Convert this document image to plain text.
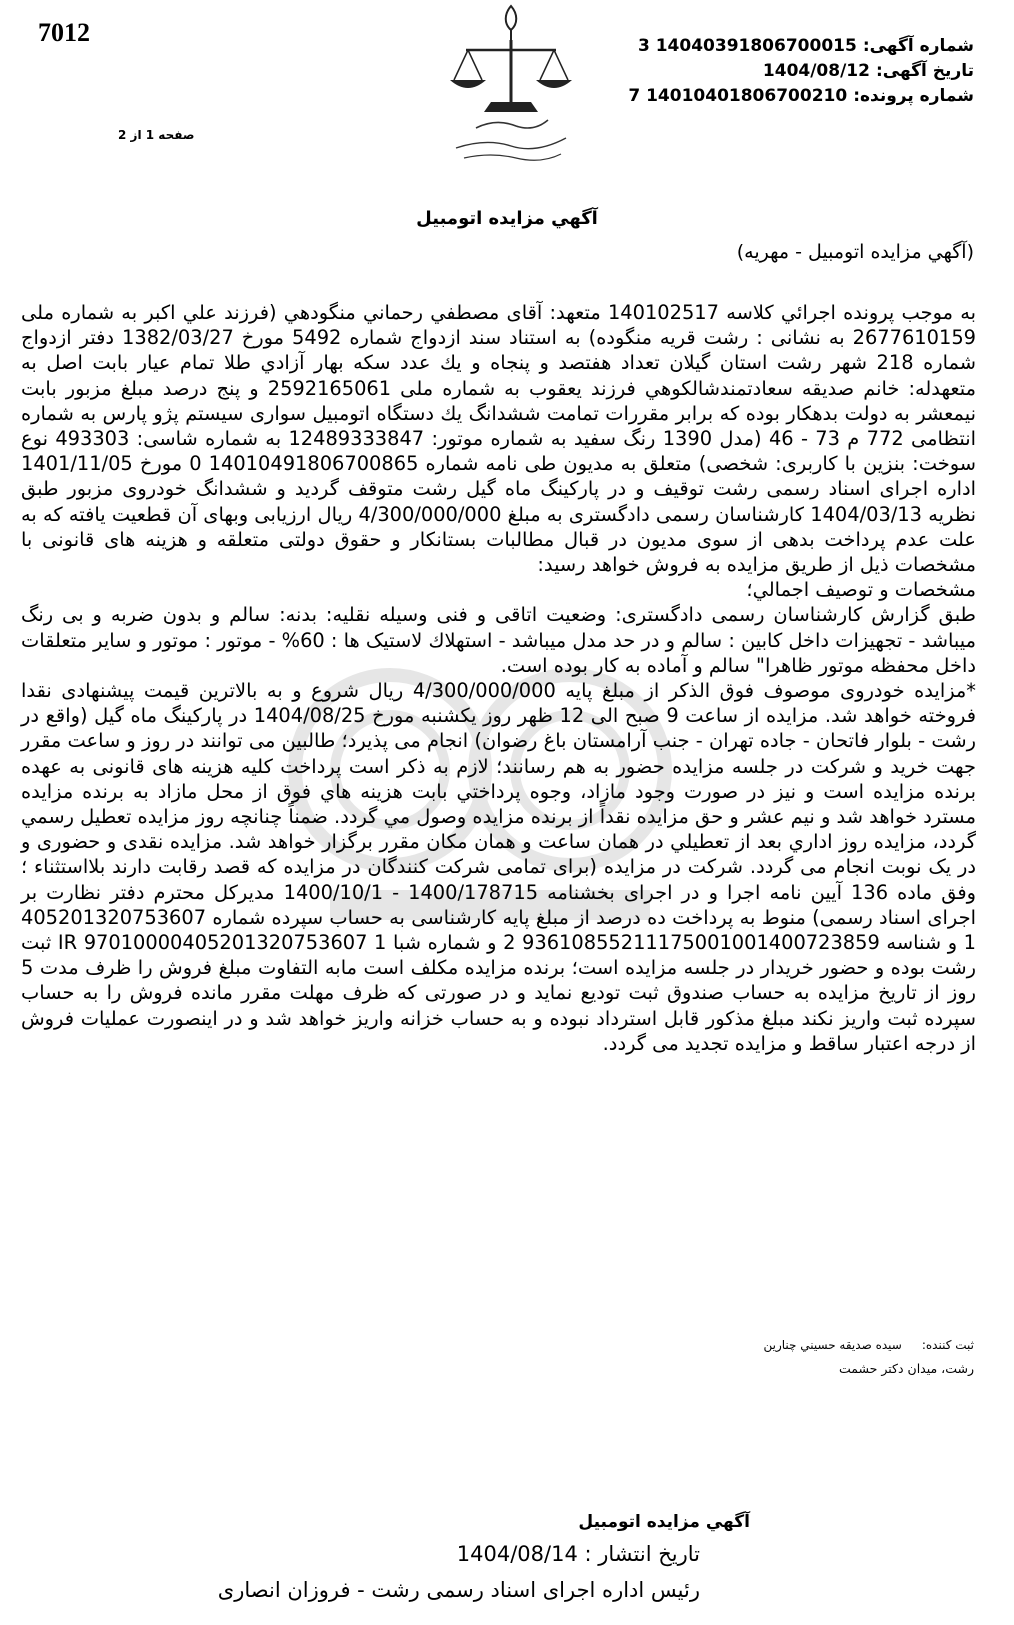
7012
صفحه 1 از 2
شماره آگهی:
14040391806700015 3
تاریخ آگهی:
1404/08/12
شماره پرونده:
14010401806700210 7
آگهي مزايده اتومبيل
(آگهي مزايده اتومبيل - مهريه)

به موجب پرونده اجرائي كلاسه 140102517 متعهد: آقای مصطفي رحماني منگودهي (فرزند علي اكبر به شماره ملی 2677610159 به نشانی : رشت قریه منگوده) به استناد سند ازدواج شماره 5492 مورخ 1382/03/27 دفتر ازدواج شماره 218 شهر رشت استان گيلان تعداد هفتصد و پنجاه و يك عدد سكه بهار آزادي طلا تمام عيار بابت اصل به متعهدله: خانم صديقه سعادتمندشالكوهي فرزند يعقوب به شماره ملی 2592165061 و پنج درصد مبلغ مزبور بابت نیمعشر به دولت بدهكار بوده كه برابر مقررات تمامت ششدانگ يك دستگاه اتومبيل سواری سیستم پژو پارس به شماره انتظامی 772 م 73 - 46 (مدل 1390 رنگ سفيد به شماره موتور: 12489333847 به شماره شاسی: 493303 نوع سوخت: بنزين با كاربری: شخصی) متعلق به مدیون طی نامه شماره 14010491806700865 0 مورخ 1401/11/05 اداره اجرای اسناد رسمی رشت توقیف و در پاركينگ ماه گيل رشت متوقف گرديد و ششدانگ خودروی مزبور طبق نظریه 1404/03/13 كارشناسان رسمی دادگستری به مبلغ 4/300/000/000 ريال ارزيابی وبهای آن قطعیت یافته که به علت عدم پرداخت بدهی از سوی مدیون در قبال مطالبات بستانکار و حقوق دولتی متعلقه و هزینه های قانونی با مشخصات ذیل از طریق مزایده به فروش خواهد رسید:

مشخصات و توصيف اجمالي؛

طبق گزارش كارشناسان رسمی دادگستری: وضعيت اتاقی و فنی وسيله نقليه: بدنه: سالم و بدون ضربه و بی رنگ ميباشد - تجهيزات داخل كابين : سالم و در حد مدل ميباشد - استهلاك لاستيک ها : 60% - موتور : موتور و ساير متعلقات داخل محفظه موتور ظاهرا" سالم و آماده به كار بوده است.

*مزايده خودروی موصوف فوق الذكر از مبلغ پايه 4/300/000/000 ريال شروع و به بالاترين قيمت پیشنهادی نقدا فروخته خواهد شد. مزايده از ساعت 9 صبح الی 12 ظهر روز يكشنبه مورخ 1404/08/25 در پاركينگ ماه گيل (واقع در رشت - بلوار فاتحان - جاده تهران - جنب آرامستان باغ رضوان) انجام می پذيرد؛ طالبين می توانند در روز و ساعت مقرر جهت خريد و شركت در جلسه مزايده حضور به هم رسانند؛ لازم به ذكر است پرداخت كليه هزينه های قانونی به عهده برنده مزايده است و نيز در صورت وجود مازاد، وجوه پرداختي بابت هزينه هاي فوق از محل مازاد به برنده مزايده مسترد خواهد شد و نيم عشر و حق مزايده نقداً از برنده مزايده وصول مي گردد. ضمناً چنانچه روز مزايده تعطيل رسمي گردد، مزايده روز اداري بعد از تعطيلي در همان ساعت و همان مكان مقرر برگزار خواهد شد. مزايده نقدی و حضوری و در يک نوبت انجام می گردد. شركت در مزايده (برای تمامی شركت كنندگان در مزايده كه قصد رقابت دارند بلااستثناء ؛ وفق ماده 136 آيين نامه اجرا و در اجرای بخشنامه 1400/178715 - 1400/10/1 مديركل محترم دفتر نظارت بر اجرای اسناد رسمی) منوط به پرداخت ده درصد از مبلغ پايه كارشناسی به حساب سپرده شماره 405201320753607 1 و شناسه 93610855211175001001400723859 2 و شماره شبا IR 97010000405201320753607 1 ثبت رشت بوده و حضور خريدار در جلسه مزايده است؛ برنده مزايده مكلف است مابه التفاوت مبلغ فروش را ظرف مدت 5 روز از تاريخ مزايده به حساب صندوق ثبت توديع نمايد و در صورتی كه ظرف مهلت مقرر مانده فروش را به حساب سپرده ثبت واريز نكند مبلغ مذكور قابل استرداد نبوده و به حساب خزانه واريز خواهد شد و در اينصورت عمليات فروش از درجه اعتبار ساقط و مزايده تجديد می گردد.

ثبت كننده:
سيده صديقه حسيني چنارين
رشت، ميدان دكتر حشمت
آگهي مزايده اتومبيل
تاریخ انتشار : 1404/08/14
رئيس اداره اجرای اسناد رسمی رشت - فروزان انصاری
